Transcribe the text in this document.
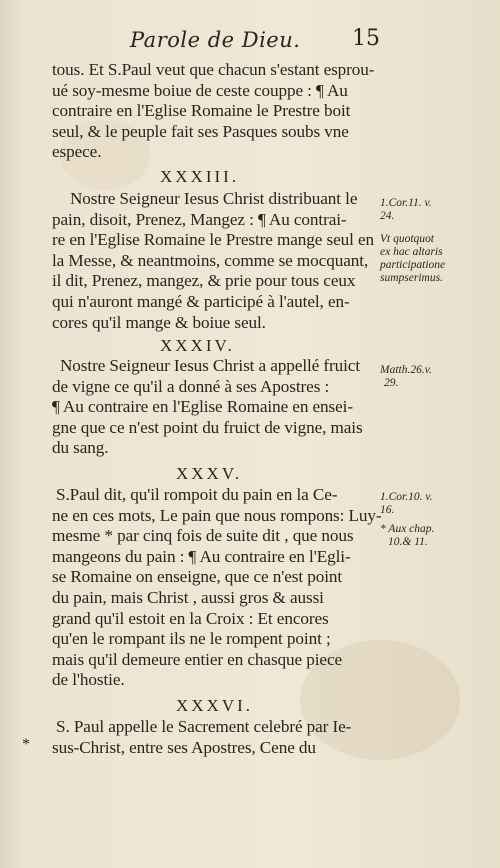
Parole de Dieu.	15
tous. Et S.Paul veut que chacun s'estant esprou-
ué soy-mesme boiue de ceste couppe : ¶ Au
contraire en l'Eglise Romaine le Prestre boit
seul, & le peuple fait ses Pasques soubs vne
espece.
XXXIII.
Nostre Seigneur Iesus Christ distribuant le
pain, disoit, Prenez, Mangez : ¶ Au contrai-
re en l'Eglise Romaine le Prestre mange seul en
la Messe, & neantmoins, comme se mocquant,
il dit, Prenez, mangez, & prie pour tous ceux
qui n'auront mangé & participé à l'autel, en-
cores qu'il mange & boiue seul.
1.Cor.11. v.
24.
Vt quotquot
ex hac altaris
participatione
sumpserimus.
XXXIV.
Nostre Seigneur Iesus Christ a appellé fruict
de vigne ce qu'il a donné à ses Apostres :
¶ Au contraire en l'Eglise Romaine en ensei-
gne que ce n'est point du fruict de vigne, mais
du sang.
Matth.26.v.
29.
XXXV.
S.Paul dit, qu'il rompoit du pain en la Ce-
ne en ces mots, Le pain que nous rompons: Luy-
mesme * par cinq fois de suite dit , que nous
mangeons du pain : ¶ Au contraire en l'Egli-
se Romaine on enseigne, que ce n'est point
du pain, mais Christ , aussi gros & aussi
grand qu'il estoit en la Croix : Et encores
qu'en le rompant ils ne le rompent point ;
mais qu'il demeure entier en chasque piece
de l'hostie.
1.Cor.10. v.
16.
* Aux chap.
10.& 11.
XXXVI.
S. Paul appelle le Sacrement celebré par Ie-
sus-Christ, entre ses Apostres, Cene du
*
